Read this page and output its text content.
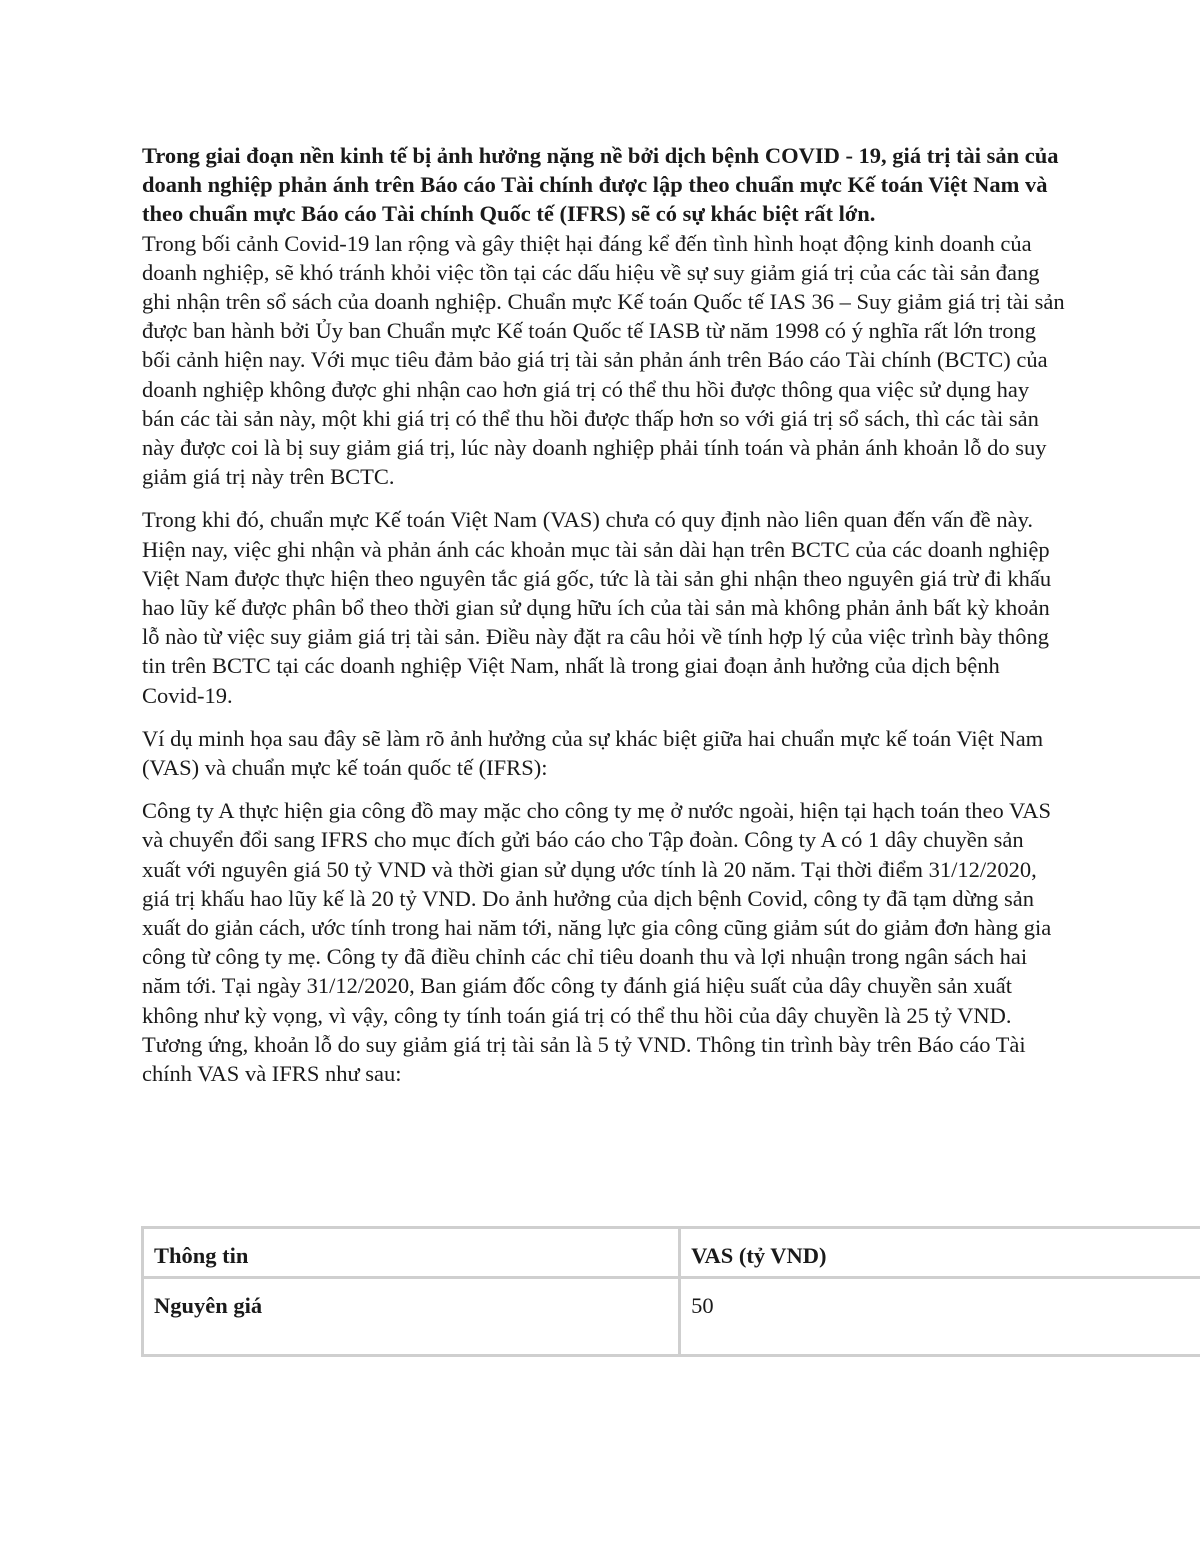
Trong giai đoạn nền kinh tế bị ảnh hưởng nặng nề bởi dịch bệnh COVID - 19, giá trị tài sản của doanh nghiệp phản ánh trên Báo cáo Tài chính được lập theo chuẩn mực Kế toán Việt Nam và theo chuẩn mực Báo cáo Tài chính Quốc tế (IFRS) sẽ có sự khác biệt rất lớn.

Trong bối cảnh Covid-19 lan rộng và gây thiệt hại đáng kể đến tình hình hoạt động kinh doanh của doanh nghiệp, sẽ khó tránh khỏi việc tồn tại các dấu hiệu về sự suy giảm giá trị của các tài sản đang ghi nhận trên sổ sách của doanh nghiệp. Chuẩn mực Kế toán Quốc tế IAS 36 – Suy giảm giá trị tài sản được ban hành bởi Ủy ban Chuẩn mực Kế toán Quốc tế IASB từ năm 1998 có ý nghĩa rất lớn trong bối cảnh hiện nay. Với mục tiêu đảm bảo giá trị tài sản phản ánh trên Báo cáo Tài chính (BCTC) của doanh nghiệp không được ghi nhận cao hơn giá trị có thể thu hồi được thông qua việc sử dụng hay bán các tài sản này, một khi giá trị có thể thu hồi được thấp hơn so với giá trị sổ sách, thì các tài sản này được coi là bị suy giảm giá trị, lúc này doanh nghiệp phải tính toán và phản ánh khoản lỗ do suy giảm giá trị này trên BCTC.

Trong khi đó, chuẩn mực Kế toán Việt Nam (VAS) chưa có quy định nào liên quan đến vấn đề này. Hiện nay, việc ghi nhận và phản ánh các khoản mục tài sản dài hạn trên BCTC của các doanh nghiệp Việt Nam được thực hiện theo nguyên tắc giá gốc, tức là tài sản ghi nhận theo nguyên giá trừ đi khấu hao lũy kế được phân bổ theo thời gian sử dụng hữu ích của tài sản mà không phản ảnh bất kỳ khoản lỗ nào từ việc suy giảm giá trị tài sản. Điều này đặt ra câu hỏi về tính hợp lý của việc trình bày thông tin trên BCTC tại các doanh nghiệp Việt Nam, nhất là trong giai đoạn ảnh hưởng của dịch bệnh Covid-19.

Ví dụ minh họa sau đây sẽ làm rõ ảnh hưởng của sự khác biệt giữa hai chuẩn mực kế toán Việt Nam (VAS) và chuẩn mực kế toán quốc tế (IFRS):

Công ty A thực hiện gia công đồ may mặc cho công ty mẹ ở nước ngoài, hiện tại hạch toán theo VAS và chuyển đổi sang IFRS cho mục đích gửi báo cáo cho Tập đoàn. Công ty A có 1 dây chuyền sản xuất với nguyên giá 50 tỷ VND và thời gian sử dụng ước tính là 20 năm. Tại thời điểm 31/12/2020, giá trị khấu hao lũy kế là 20 tỷ VND. Do ảnh hưởng của dịch bệnh Covid, công ty đã tạm dừng sản xuất do giản cách, ước tính trong hai năm tới, năng lực gia công cũng giảm sút do giảm đơn hàng gia công từ công ty mẹ. Công ty đã điều chỉnh các chỉ tiêu doanh thu và lợi nhuận trong ngân sách hai năm tới. Tại ngày 31/12/2020, Ban giám đốc công ty đánh giá hiệu suất của dây chuyền sản xuất không như kỳ vọng, vì vậy, công ty tính toán giá trị có thể thu hồi của dây chuyền là 25 tỷ VND. Tương ứng, khoản lỗ do suy giảm giá trị tài sản là 5 tỷ VND. Thông tin trình bày trên Báo cáo Tài chính VAS và IFRS như sau:

Thông tin	VAS (tỷ VND)
Nguyên giá	50
